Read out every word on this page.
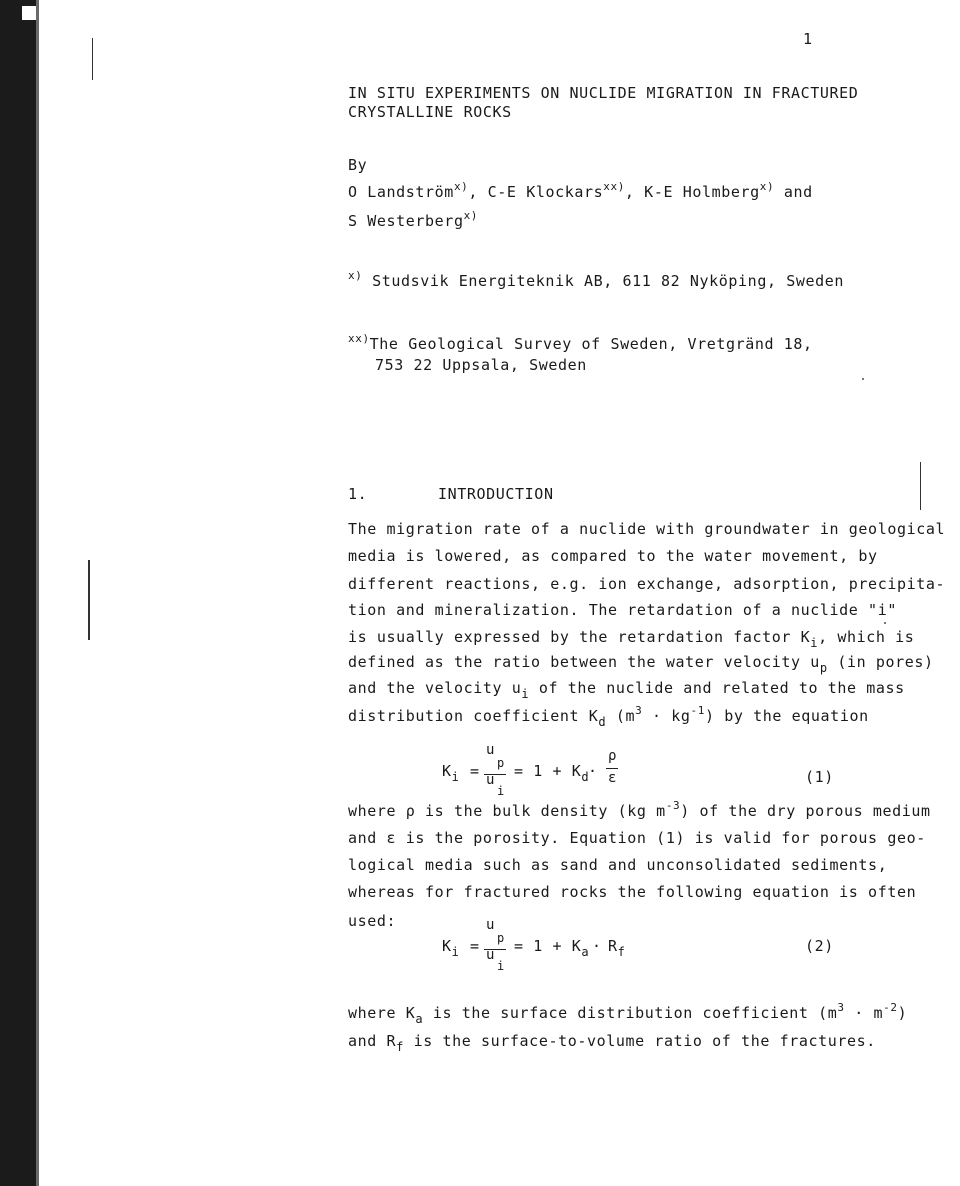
1
IN SITU EXPERIMENTS ON NUCLIDE MIGRATION IN FRACTURED
CRYSTALLINE ROCKS
By
O Landström$^{x)}$, C-E Klockars$^{xx)}$, K-E Holmberg$^{x)}$ and
S Westerberg$^{x)}$
$^{x)}$ Studsvik Energiteknik AB, 611 82 Nyköping, Sweden
$^{xx)}$The Geological Survey of Sweden, Vretgränd 18,
753 22 Uppsala, Sweden
1.	INTRODUCTION
The migration rate of a nuclide with groundwater in geological
media is lowered, as compared to the water movement, by
different reactions, e.g. ion exchange, adsorption, precipita-
tion and mineralization. The retardation of a nuclide "i"
is usually expressed by the retardation factor $K_i$, which is
defined as the ratio between the water velocity $u_p$ (in pores)
and the velocity $u_i$ of the nuclide and related to the mass
distribution coefficient $K_d$ $(m^3 \cdot kg^{-1})$ by the equation
$K_i$ =
u
p
u
i
= $1 + K_d$
·
ρ
ε	(1)
where ρ is the bulk density (kg $m^{-3}$) of the dry porous medium
and ε is the porosity. Equation (1) is valid for porous geo-
logical media such as sand and unconsolidated sediments,
whereas for fractured rocks the following equation is often
used:
$K_i$ =
u
p
u
i
= $1 + K_a \cdot R_f$	(2)
where $K_a$ is the surface distribution coefficient $(m^3 \cdot m^{-2})$
and $R_f$ is the surface-to-volume ratio of the fractures.
